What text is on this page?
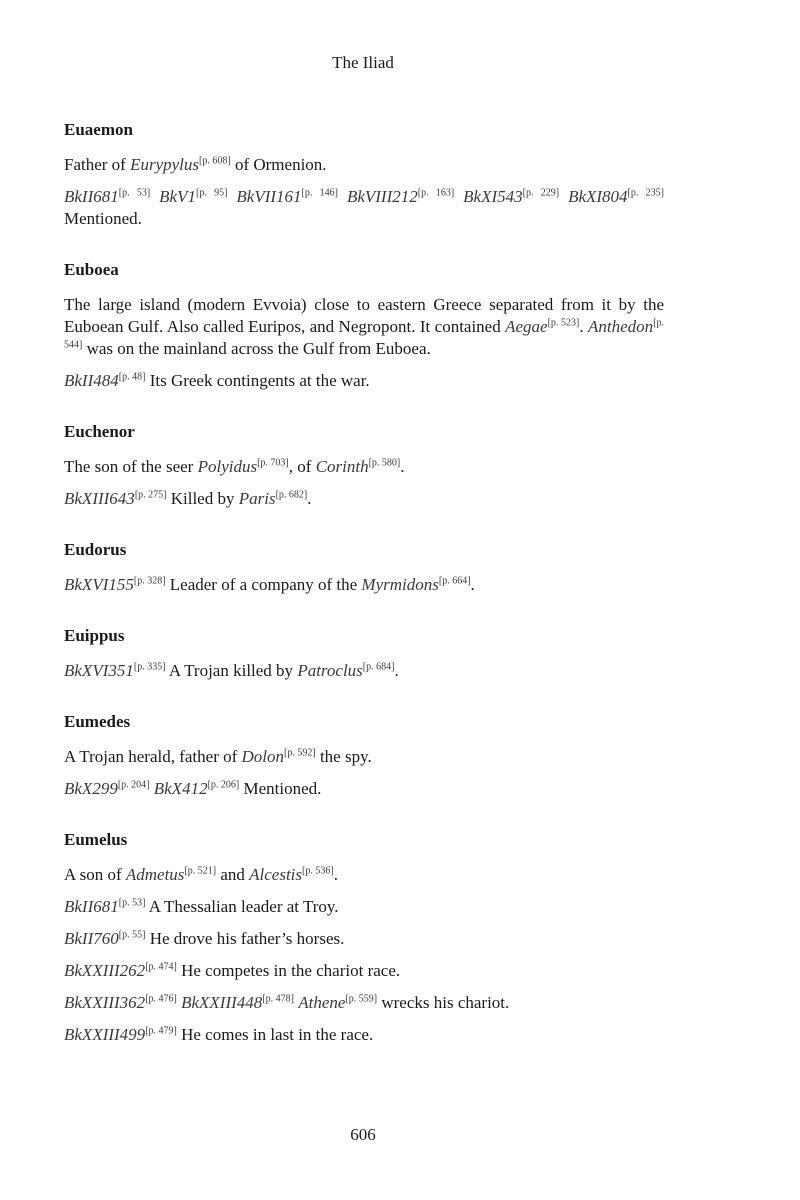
The Iliad
Euaemon

Father of Eurypylus[p. 608] of Ormenion.

BkII681[p. 53] BkV1[p. 95] BkVII161[p. 146] BkVIII212[p. 163] BkXI543[p. 229] BkXI804[p. 235] Mentioned.

Euboea

The large island (modern Evvoia) close to eastern Greece separated from it by the Euboean Gulf. Also called Euripos, and Negropont. It contained Aegae[p. 523]. Anthedon[p. 544] was on the mainland across the Gulf from Euboea.

BkII484[p. 48] Its Greek contingents at the war.

Euchenor

The son of the seer Polyidus[p. 703], of Corinth[p. 580].

BkXIII643[p. 275] Killed by Paris[p. 682].

Eudorus

BkXVI155[p. 328] Leader of a company of the Myrmidons[p. 664].

Euippus

BkXVI351[p. 335] A Trojan killed by Patroclus[p. 684].

Eumedes

A Trojan herald, father of Dolon[p. 592] the spy.

BkX299[p. 204] BkX412[p. 206] Mentioned.

Eumelus

A son of Admetus[p. 521] and Alcestis[p. 536].

BkII681[p. 53] A Thessalian leader at Troy.

BkII760[p. 55] He drove his father’s horses.

BkXXIII262[p. 474] He competes in the chariot race.

BkXXIII362[p. 476] BkXXIII448[p. 478] Athene[p. 559] wrecks his chariot.

BkXXIII499[p. 479] He comes in last in the race.

606
